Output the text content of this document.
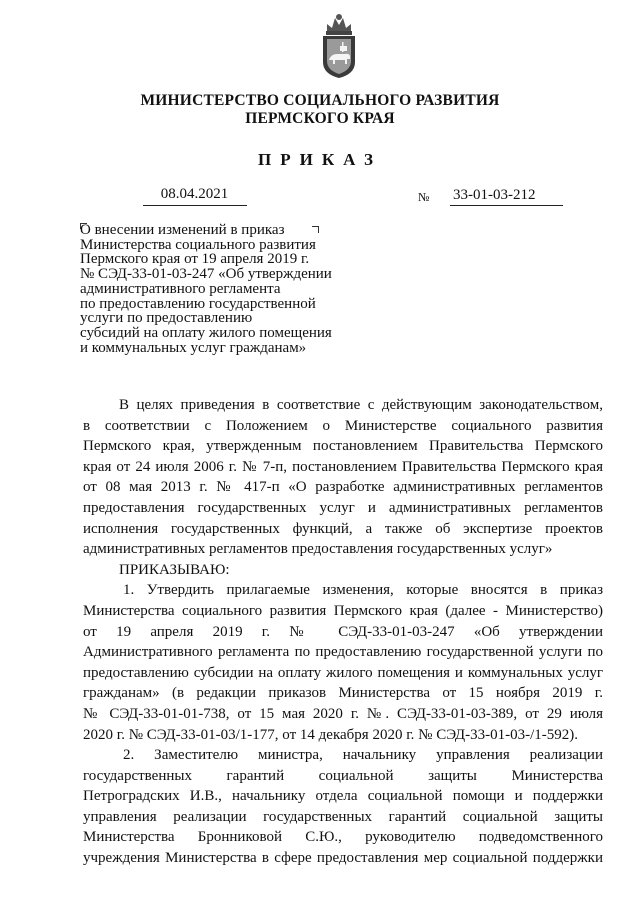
МИНИСТЕРСТВО СОЦИАЛЬНОГО РАЗВИТИЯ
ПЕРМСКОГО КРАЯ
ПРИКАЗ
08.04.2021	№ 33-01-03-212
О внесении изменений в приказ
Министерства социального развития
Пермского края от 19 апреля 2019 г.
№ СЭД-33-01-03-247 «Об утверждении
административного регламента
по предоставлению государственной
услуги по предоставлению
субсидий на оплату жилого помещения
и коммунальных услуг гражданам»
В целях приведения в соответствие с действующим законодательством,
в соответствии с Положением о Министерстве социального развития
Пермского края, утвержденным постановлением Правительства Пермского
края от 24 июля 2006 г. № 7-п, постановлением Правительства Пермского края
от 08 мая 2013 г. № 417-п «О разработке административных регламентов
предоставления государственных услуг и административных регламентов
исполнения государственных функций, а также об экспертизе проектов
административных регламентов предоставления государственных услуг»
ПРИКАЗЫВАЮ:
1. Утвердить прилагаемые изменения, которые вносятся в приказ
Министерства социального развития Пермского края (далее - Министерство)
от 19 апреля 2019 г. № СЭД-33-01-03-247 «Об утверждении
Административного регламента по предоставлению государственной услуги по
предоставлению субсидии на оплату жилого помещения и коммунальных услуг
гражданам» (в редакции приказов Министерства от 15 ноября 2019 г.
№ СЭД-33-01-01-738, от 15 мая 2020 г. №. СЭД-33-01-03-389, от 29 июля
2020 г. № СЭД-33-01-03/1-177, от 14 декабря 2020 г. № СЭД-33-01-03-/1-592).
2. Заместителю министра, начальнику управления реализации
государственных гарантий социальной защиты Министерства
Петроградских И.В., начальнику отдела социальной помощи и поддержки
управления реализации государственных гарантий социальной защиты
Министерства Бронниковой С.Ю., руководителю подведомственного
учреждения Министерства в сфере предоставления мер социальной поддержки
